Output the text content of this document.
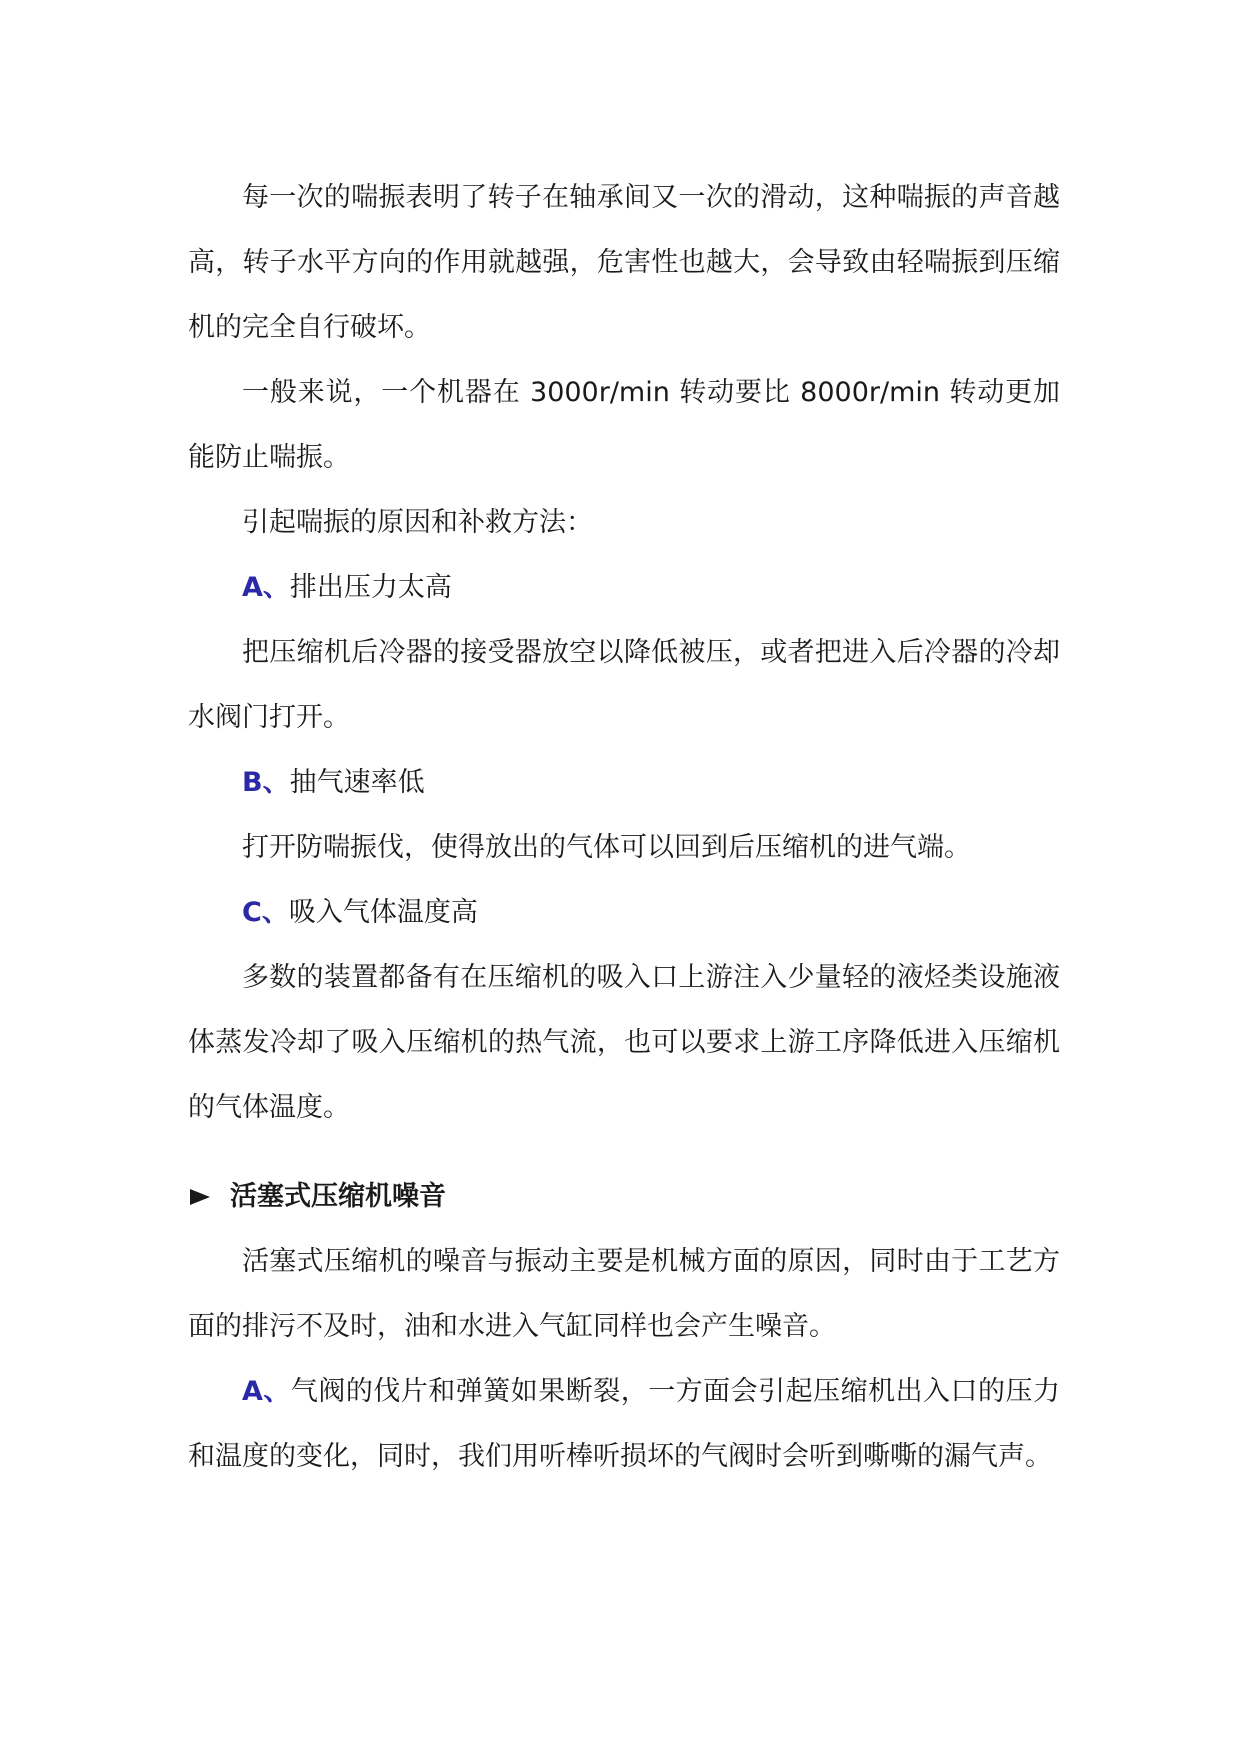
每一次的喘振表明了转子在轴承间又一次的滑动，这种喘振的声音越高，转子水平方向的作用就越强，危害性也越大，会导致由轻喘振到压缩机的完全自行破坏。

一般来说，一个机器在 3000r/min 转动要比 8000r/min 转动更加能防止喘振。

引起喘振的原因和补救方法：

A、排出压力太高

把压缩机后冷器的接受器放空以降低被压，或者把进入后冷器的冷却水阀门打开。

B、抽气速率低

打开防喘振伐，使得放出的气体可以回到后压缩机的进气端。

C、吸入气体温度高

多数的装置都备有在压缩机的吸入口上游注入少量轻的液烃类设施液体蒸发冷却了吸入压缩机的热气流，也可以要求上游工序降低进入压缩机的气体温度。

活塞式压缩机噪音

活塞式压缩机的噪音与振动主要是机械方面的原因，同时由于工艺方面的排污不及时，油和水进入气缸同样也会产生噪音。

A、气阀的伐片和弹簧如果断裂，一方面会引起压缩机出入口的压力和温度的变化，同时，我们用听棒听损坏的气阀时会听到嘶嘶的漏气声。
